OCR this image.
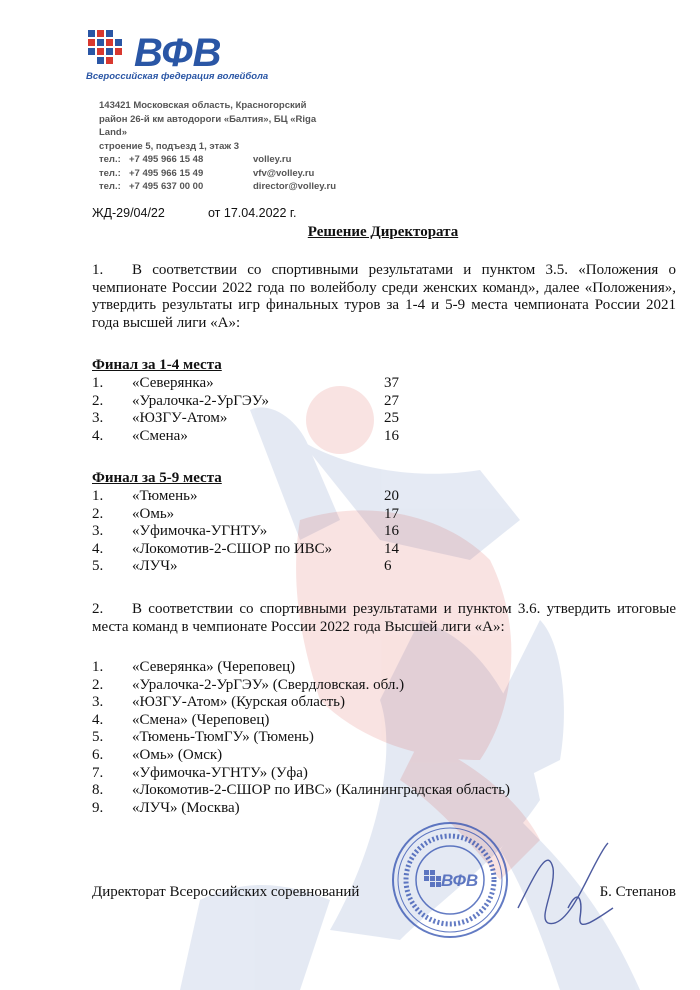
ВФВ
Всероссийская федерация волейбола
143421 Московская область, Красногорский
район 26-й км автодороги «Балтия», БЦ «Riga
Land»
строение 5, подъезд 1, этаж 3
тел.: +7 495 966 15 48	volley.ru
тел.: +7 495 966 15 49	vfv@volley.ru
тел.: +7 495 637 00 00	director@volley.ru
ЖД-29/04/22	от 17.04.2022 г.
Решение Директората
1. В соответствии со спортивными результатами и пунктом 3.5. «Положения о чемпионате России 2022 года по волейболу среди женских команд», далее «Положения», утвердить результаты игр финальных туров за 1-4 и 5-9 места чемпионата России 2021 года высшей лиги «А»:
Финал за 1-4 места
1. «Северянка»	37
2. «Уралочка-2-УрГЭУ»	27
3. «ЮЗГУ-Атом»	25
4. «Смена»	16
Финал за 5-9 места
1. «Тюмень»	20
2. «Омь»	17
3. «Уфимочка-УГНТУ»	16
4. «Локомотив-2-СШОР по ИВС»	14
5. «ЛУЧ»	6
2. В соответствии со спортивными результатами и пунктом 3.6. утвердить итоговые места команд в чемпионате России 2022 года Высшей лиги «А»:
1. «Северянка» (Череповец)
2. «Уралочка-2-УрГЭУ» (Свердловская. обл.)
3. «ЮЗГУ-Атом» (Курская область)
4. «Смена» (Череповец)
5. «Тюмень-ТюмГУ» (Тюмень)
6. «Омь» (Омск)
7. «Уфимочка-УГНТУ» (Уфа)
8. «Локомотив-2-СШОР по ИВС» (Калининградская область)
9. «ЛУЧ» (Москва)
Директорат Всероссийских соревнований	Б. Степанов
ВФВ
